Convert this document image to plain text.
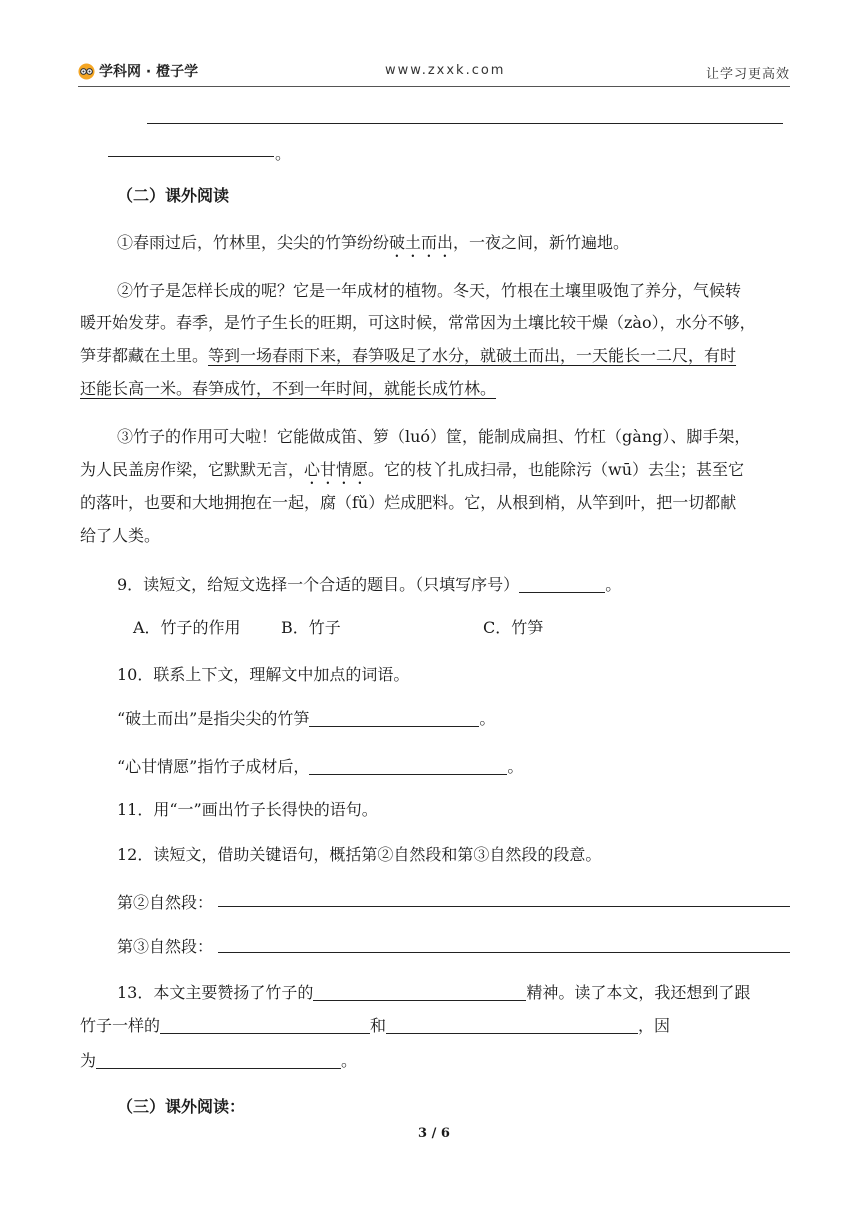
学科网 · 橙子学	www.zxxk.com	让学习更高效
。
（二）课外阅读
①春雨过后，竹林里，尖尖的竹笋纷纷破土而出，一夜之间，新竹遍地。
②竹子是怎样长成的呢？它是一年成材的植物。冬天，竹根在土壤里吸饱了养分，气候转
暖开始发芽。春季，是竹子生长的旺期，可这时候，常常因为土壤比较干燥（zào），水分不够，
笋芽都藏在土里。等到一场春雨下来，春笋吸足了水分，就破土而出，一天能长一二尺，有时
还能长高一米。春笋成竹，不到一年时间，就能长成竹林。
③竹子的作用可大啦！它能做成笛、箩（luó）筐，能制成扁担、竹杠（gàng）、脚手架，
为人民盖房作梁，它默默无言，心甘情愿。它的枝丫扎成扫帚，也能除污（wū）去尘；甚至它
的落叶，也要和大地拥抱在一起，腐（fǔ）烂成肥料。它，从根到梢，从竿到叶，把一切都献
给了人类。
9．读短文，给短文选择一个合适的题目。（只填写序号）	。
A．竹子的作用	B．竹子	C．竹笋
10．联系上下文，理解文中加点的词语。
“破土而出”是指尖尖的竹笋	。
“心甘情愿”指竹子成材后，	。
11．用“一”画出竹子长得快的语句。
12．读短文，借助关键语句，概括第②自然段和第③自然段的段意。
第②自然段：
第③自然段：
13．本文主要赞扬了竹子的	精神。读了本文，我还想到了跟
竹子一样的	和	，因
为	。
（三）课外阅读：
3 / 6
